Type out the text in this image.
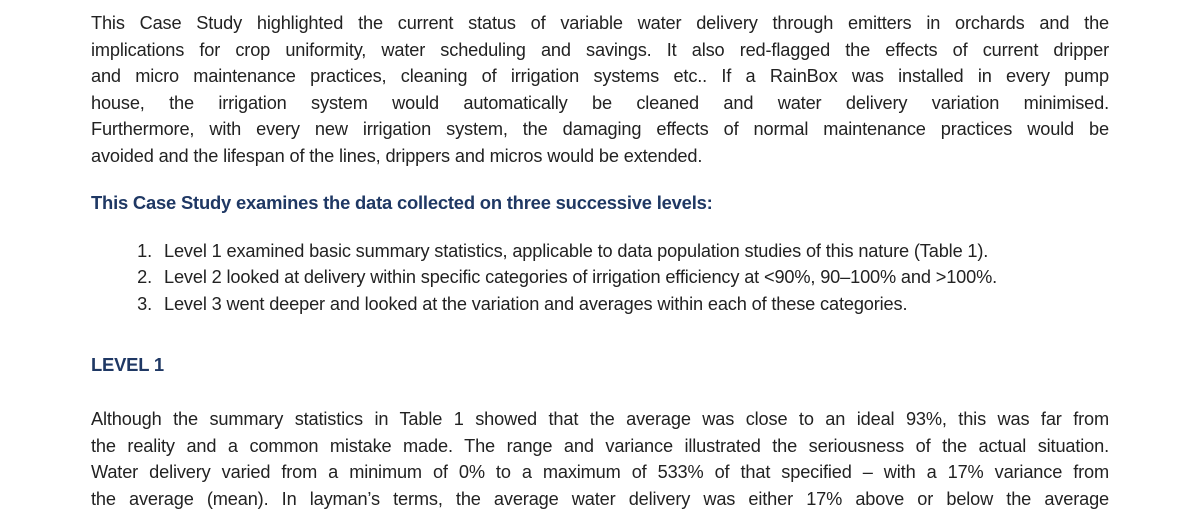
This Case Study highlighted the current status of variable water delivery through emitters in orchards and the
implications for crop uniformity, water scheduling and savings. It also red-flagged the effects of current dripper
and micro maintenance practices, cleaning of irrigation systems etc.. If a RainBox was installed in every pump
house, the irrigation system would automatically be cleaned and water delivery variation minimised.
Furthermore, with every new irrigation system, the damaging effects of normal maintenance practices would be
avoided and the lifespan of the lines, drippers and micros would be extended.
This Case Study examines the data collected on three successive levels:
1. Level 1 examined basic summary statistics, applicable to data population studies of this nature (Table 1).
2. Level 2 looked at delivery within specific categories of irrigation efficiency at <90%, 90–100% and >100%.
3. Level 3 went deeper and looked at the variation and averages within each of these categories.
LEVEL 1
Although the summary statistics in Table 1 showed that the average was close to an ideal 93%, this was far from
the reality and a common mistake made. The range and variance illustrated the seriousness of the actual situation.
Water delivery varied from a minimum of 0% to a maximum of 533% of that specified – with a 17% variance from
the average (mean). In layman’s terms, the average water delivery was either 17% above or below the average
